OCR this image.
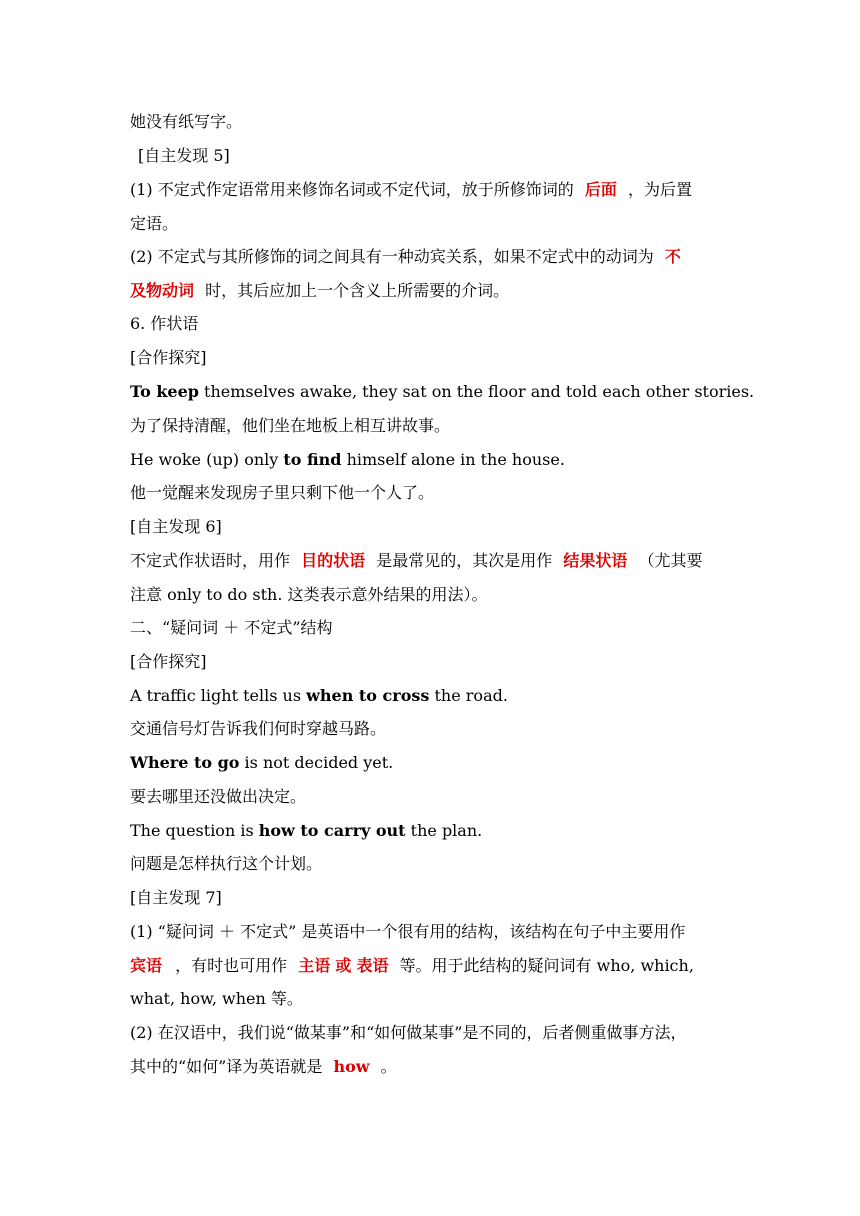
她没有纸写字。
[自主发现 5]
(1) 不定式作定语常用来修饰名词或不定代词，放于所修饰词的 后面 ，为后置
定语。
(2) 不定式与其所修饰的词之间具有一种动宾关系，如果不定式中的动词为 不
及物动词 时，其后应加上一个含义上所需要的介词。
6. 作状语
[合作探究]
To keep themselves awake, they sat on the floor and told each other stories.
为了保持清醒，他们坐在地板上相互讲故事。
He woke (up) only to find himself alone in the house.
他一觉醒来发现房子里只剩下他一个人了。
[自主发现 6]
不定式作状语时，用作 目的状语 是最常见的，其次是用作 结果状语 （尤其要
注意 only to do sth. 这类表示意外结果的用法）。
二、“疑问词 ＋ 不定式”结构
[合作探究]
A traffic light tells us when to cross the road.
交通信号灯告诉我们何时穿越马路。
Where to go is not decided yet.
要去哪里还没做出决定。
The question is how to carry out the plan.
问题是怎样执行这个计划。
[自主发现 7]
(1) “疑问词 ＋ 不定式” 是英语中一个很有用的结构，该结构在句子中主要用作
宾语 ，有时也可用作 主语 或 表语 等。用于此结构的疑问词有 who, which,
what, how, when 等。
(2) 在汉语中，我们说“做某事”和“如何做某事”是不同的，后者侧重做事方法，
其中的“如何”译为英语就是 how 。
